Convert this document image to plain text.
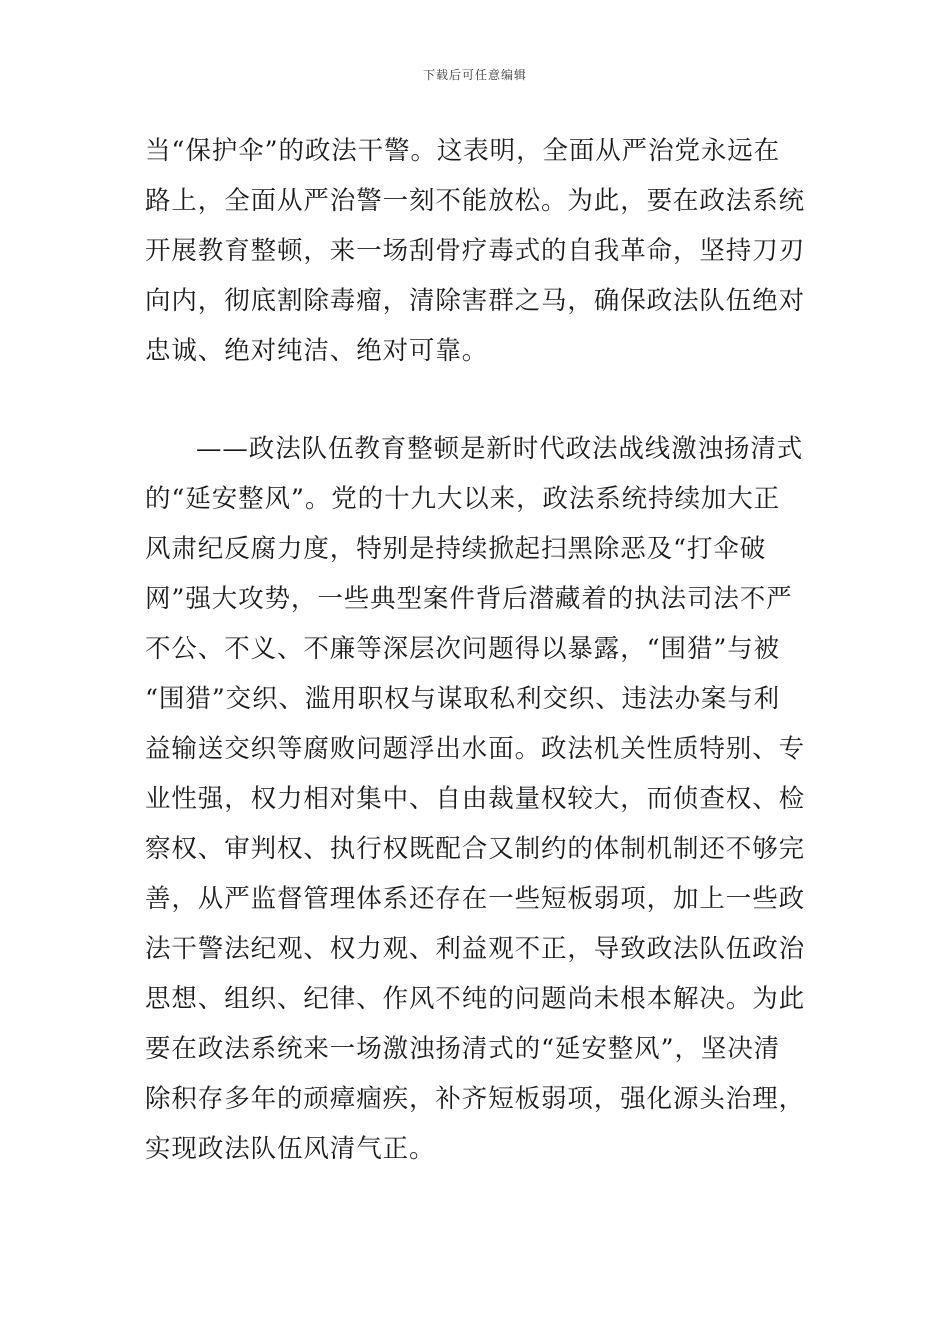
下载后可任意编辑
当“保护伞”的政法干警。这表明，全面从严治党永远在
路上，全面从严治警一刻不能放松。为此，要在政法系统
开展教育整顿，来一场刮骨疗毒式的自我革命，坚持刀刃
向内，彻底割除毒瘤，清除害群之马，确保政法队伍绝对
忠诚、绝对纯洁、绝对可靠。
——政法队伍教育整顿是新时代政法战线激浊扬清式
的“延安整风”。党的十九大以来，政法系统持续加大正
风肃纪反腐力度，特别是持续掀起扫黑除恶及“打伞破
网”强大攻势，一些典型案件背后潜藏着的执法司法不严
不公、不义、不廉等深层次问题得以暴露，“围猎”与被
“围猎”交织、滥用职权与谋取私利交织、违法办案与利
益输送交织等腐败问题浮出水面。政法机关性质特别、专
业性强，权力相对集中、自由裁量权较大，而侦查权、检
察权、审判权、执行权既配合又制约的体制机制还不够完
善，从严监督管理体系还存在一些短板弱项，加上一些政
法干警法纪观、权力观、利益观不正，导致政法队伍政治
思想、组织、纪律、作风不纯的问题尚未根本解决。为此
要在政法系统来一场激浊扬清式的“延安整风”，坚决清
除积存多年的顽瘴痼疾，补齐短板弱项，强化源头治理，
实现政法队伍风清气正。
